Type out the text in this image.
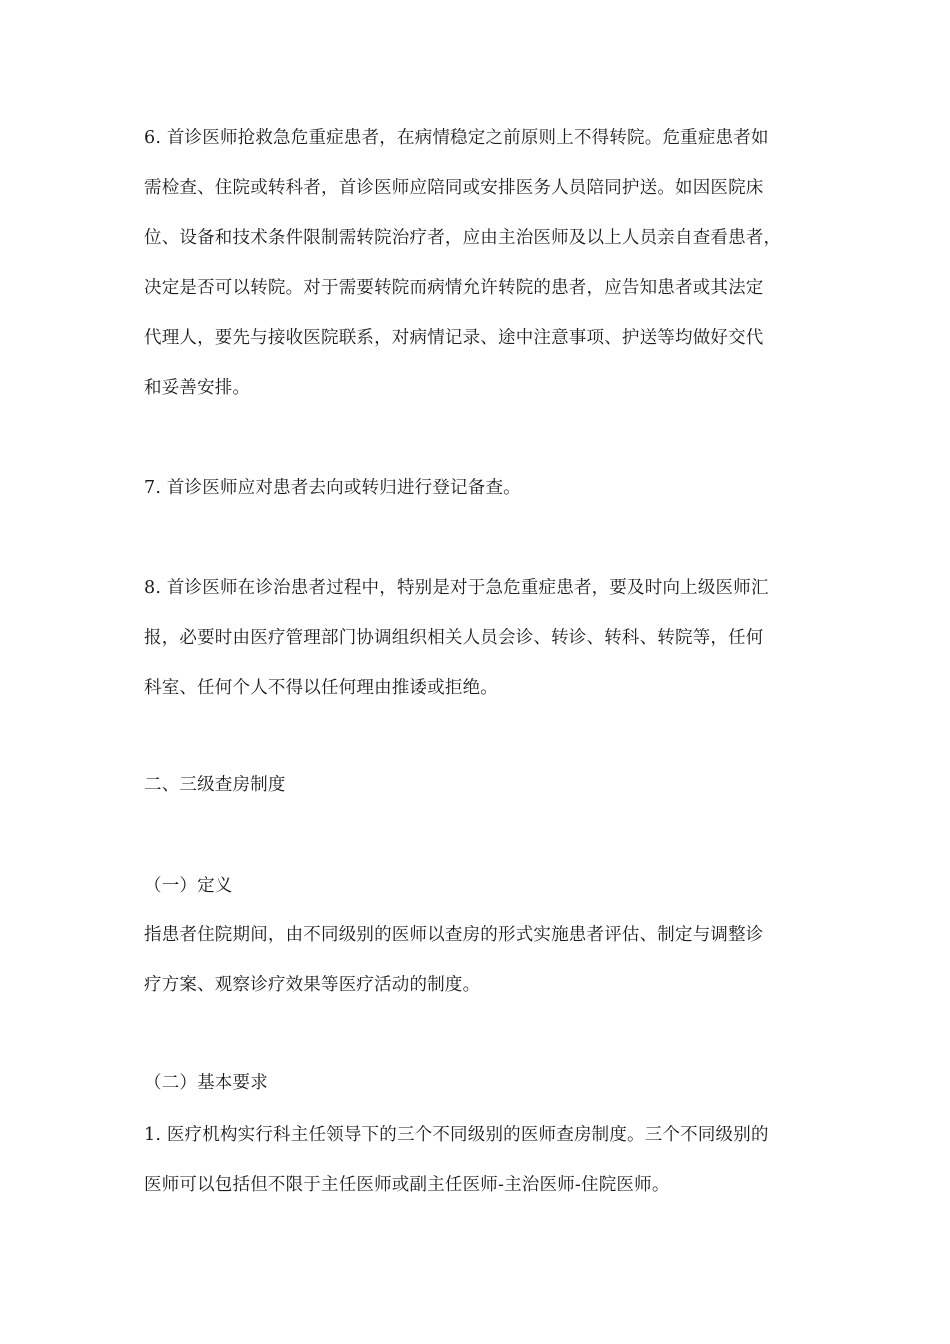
6. 首诊医师抢救急危重症患者，在病情稳定之前原则上不得转院。危重症患者如
需检查、住院或转科者，首诊医师应陪同或安排医务人员陪同护送。如因医院床
位、设备和技术条件限制需转院治疗者，应由主治医师及以上人员亲自查看患者，
决定是否可以转院。对于需要转院而病情允许转院的患者，应告知患者或其法定
代理人，要先与接收医院联系，对病情记录、途中注意事项、护送等均做好交代
和妥善安排。
7. 首诊医师应对患者去向或转归进行登记备查。
8. 首诊医师在诊治患者过程中，特别是对于急危重症患者，要及时向上级医师汇
报，必要时由医疗管理部门协调组织相关人员会诊、转诊、转科、转院等，任何
科室、任何个人不得以任何理由推诿或拒绝。
二、三级查房制度
（一）定义
指患者住院期间，由不同级别的医师以查房的形式实施患者评估、制定与调整诊
疗方案、观察诊疗效果等医疗活动的制度。
（二）基本要求
1. 医疗机构实行科主任领导下的三个不同级别的医师查房制度。三个不同级别的
医师可以包括但不限于主任医师或副主任医师-主治医师-住院医师。
